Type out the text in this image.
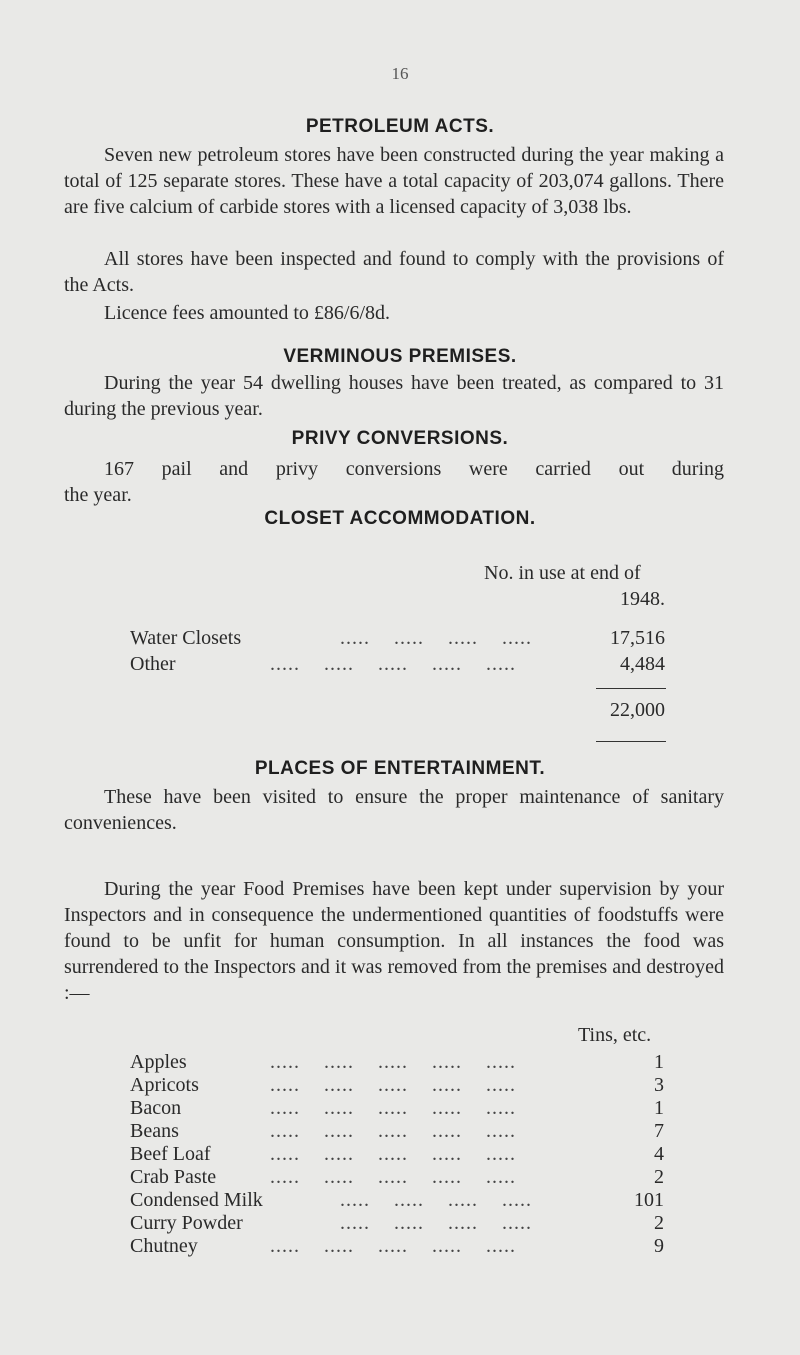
16
PETROLEUM ACTS.
Seven new petroleum stores have been constructed during the year making a total of 125 separate stores. These have a total capacity of 203,074 gallons. There are five calcium of carbide stores with a licensed capacity of 3,038 lbs.
All stores have been inspected and found to comply with the provisions of the Acts.
Licence fees amounted to £86/6/8d.
VERMINOUS PREMISES.
During the year 54 dwelling houses have been treated, as compared to 31 during the previous year.
PRIVY CONVERSIONS.
167 pail and privy conversions were carried out during
the year.
CLOSET ACCOMMODATION.
No. in use at end of
1948.
Water Closets	.....    .....    .....    .....	17,516
Other	.....    .....    .....    .....    .....	4,484
22,000
PLACES OF ENTERTAINMENT.
These have been visited to ensure the proper maintenance of sanitary conveniences.
During the year Food Premises have been kept under supervision by your Inspectors and in consequence the undermentioned quantities of foodstuffs were found to be unfit for human consumption. In all instances the food was surrendered to the Inspectors and it was removed from the premises and destroyed :—
Tins, etc.
Apples	.....    .....    .....    .....    .....	1
Apricots	.....    .....    .....    .....    .....	3
Bacon	.....    .....    .....    .....    .....	1
Beans	.....    .....    .....    .....    .....	7
Beef Loaf	.....    .....    .....    .....    .....	4
Crab Paste	.....    .....    .....    .....    .....	2
Condensed Milk	.....    .....    .....    .....	101
Curry Powder	.....    .....    .....    .....	2
Chutney	.....    .....    .....    .....    .....	9
